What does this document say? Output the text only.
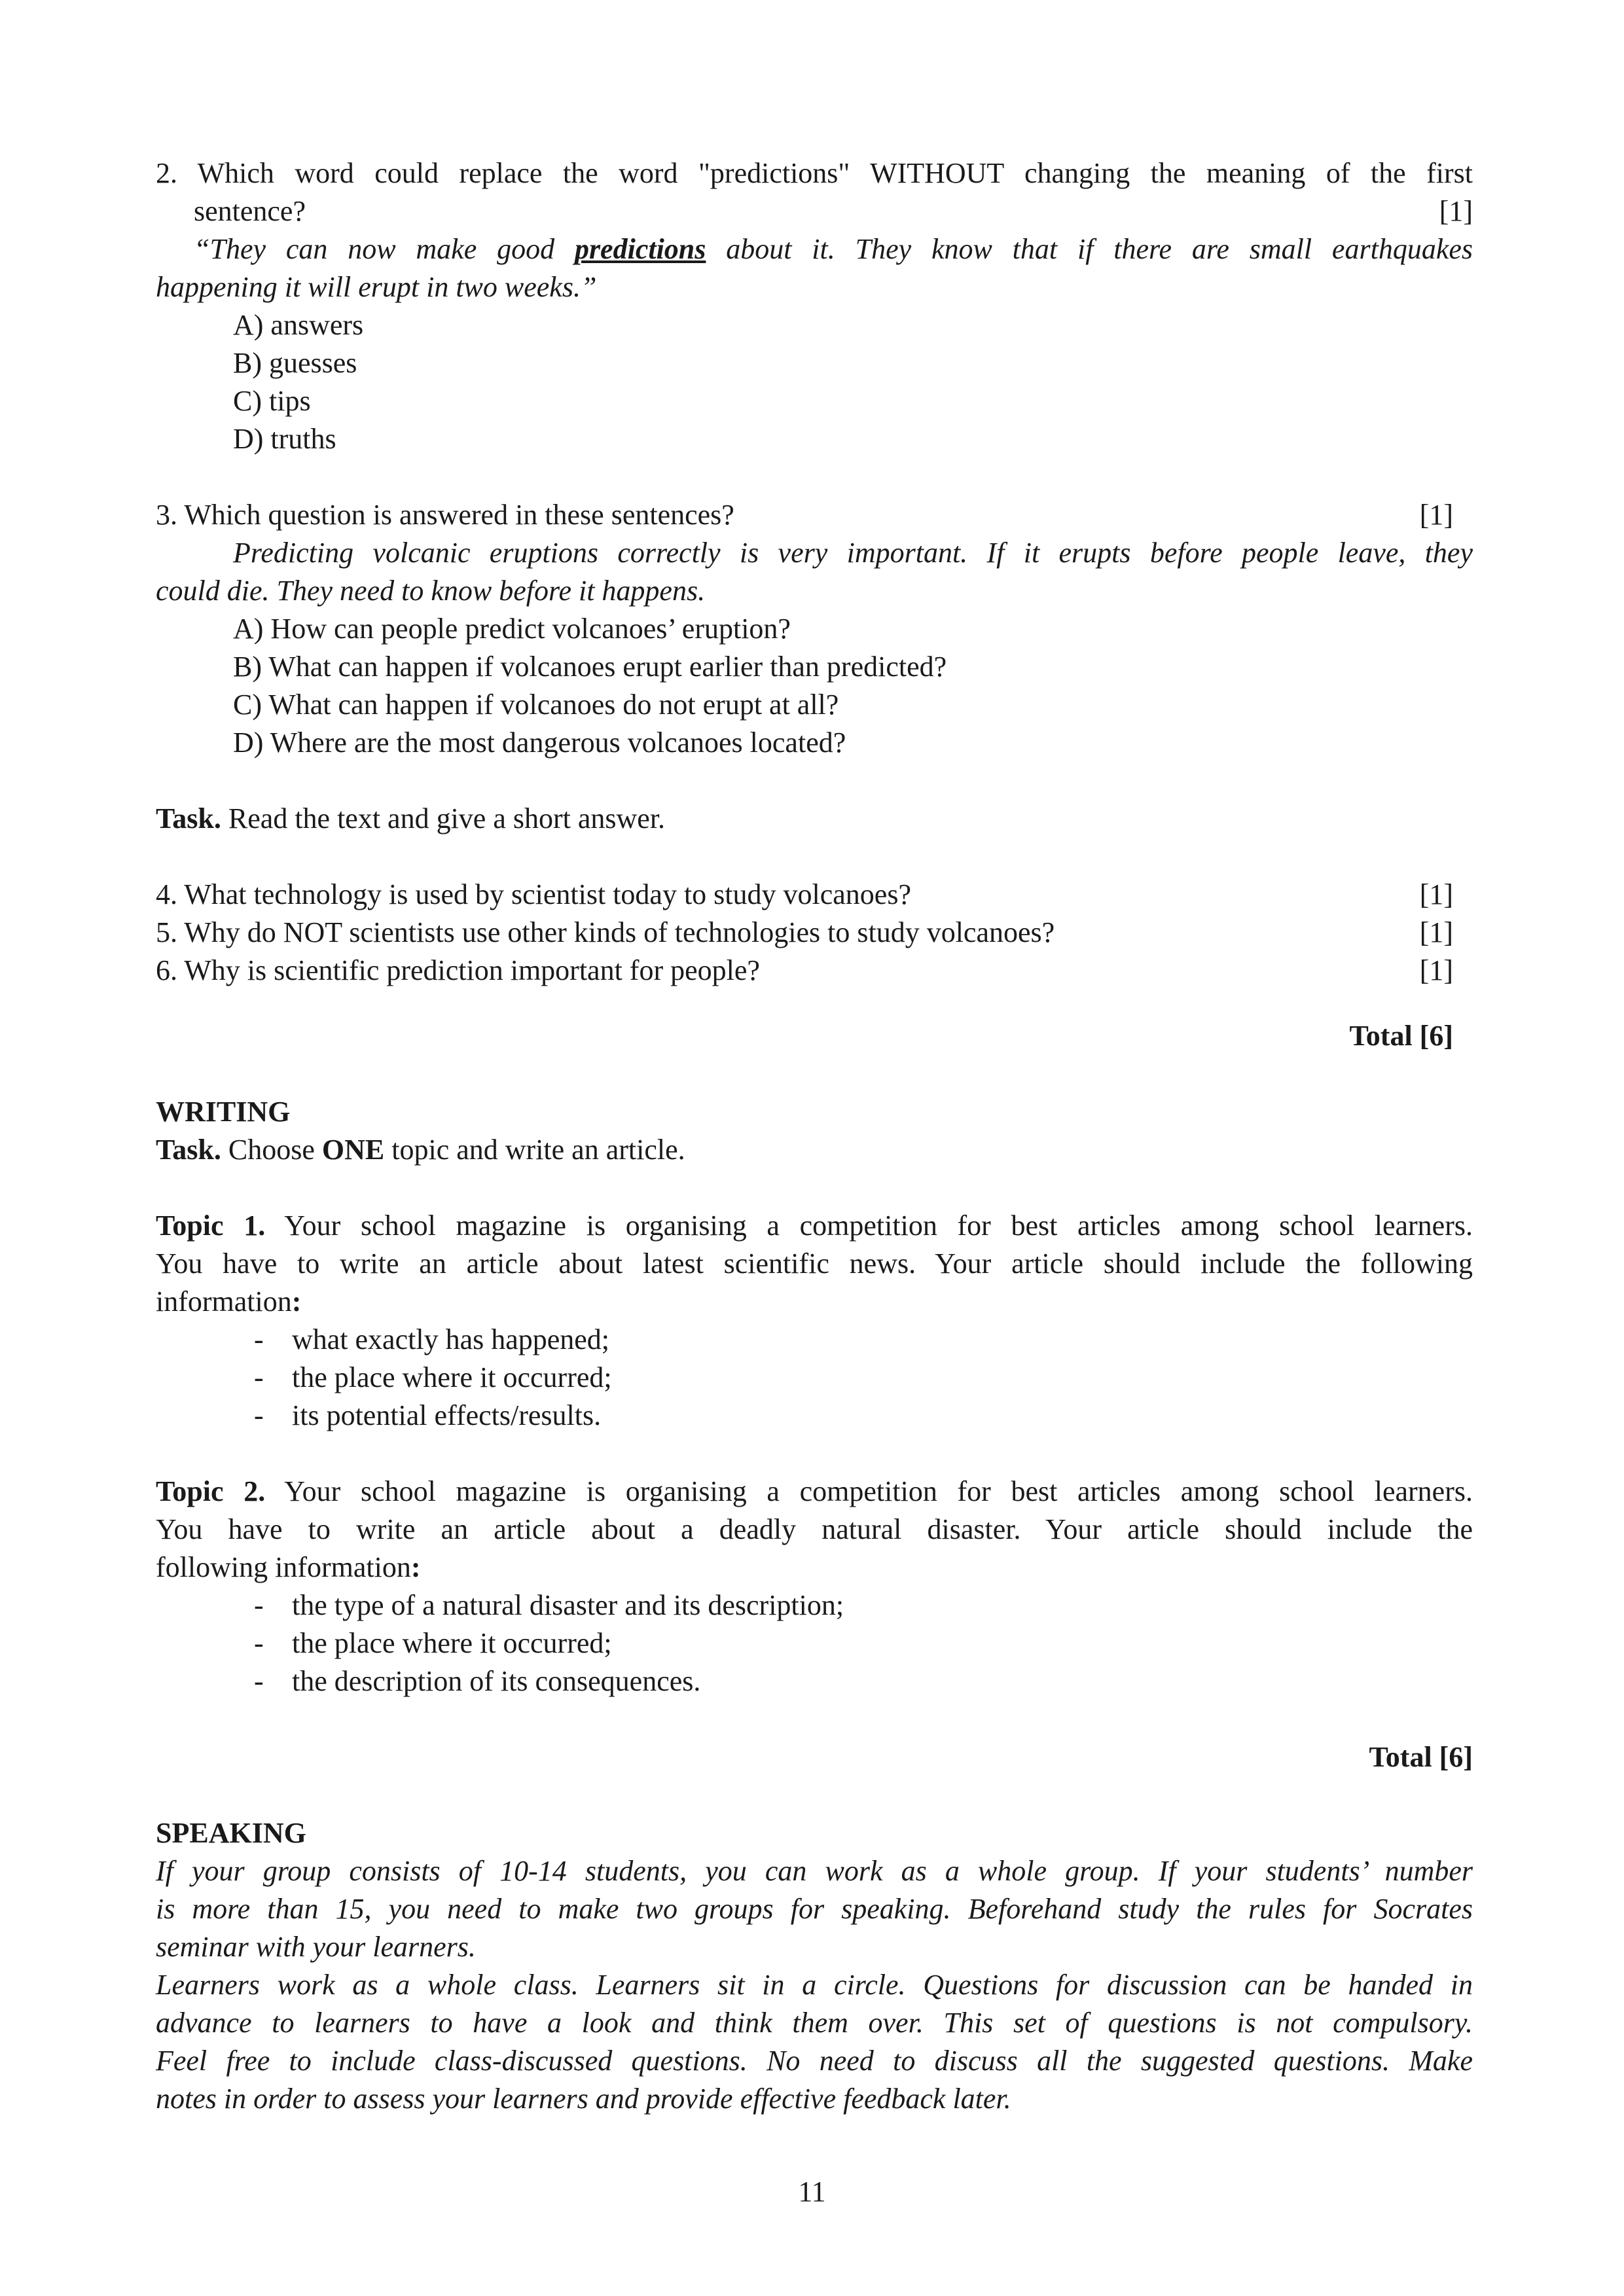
2. Which word could replace the word "predictions" WITHOUT changing the meaning of the first
sentence?	[1]
“They can now make good predictions about it. They know that if there are small earthquakes
happening it will erupt in two weeks.”
A) answers
B) guesses
C) tips
D) truths
3. Which question is answered in these sentences?	[1]
Predicting volcanic eruptions correctly is very important. If it erupts before people leave, they
could die. They need to know before it happens.
A) How can people predict volcanoes’ eruption?
B) What can happen if volcanoes erupt earlier than predicted?
C) What can happen if volcanoes do not erupt at all?
D) Where are the most dangerous volcanoes located?
Task. Read the text and give a short answer.
4. What technology is used by scientist today to study volcanoes?	[1]
5. Why do NOT scientists use other kinds of technologies to study volcanoes?	[1]
6. Why is scientific prediction important for people?	[1]
Total [6]
WRITING
Task. Choose ONE topic and write an article.
Topic 1. Your school magazine is organising a competition for best articles among school learners.
You have to write an article about latest scientific news. Your article should include the following
information:
- what exactly has happened;
- the place where it occurred;
- its potential effects/results.
Topic 2. Your school magazine is organising a competition for best articles among school learners.
You have to write an article about a deadly natural disaster. Your article should include the
following information:
- the type of a natural disaster and its description;
- the place where it occurred;
- the description of its consequences.
Total [6]
SPEAKING
If your group consists of 10-14 students, you can work as a whole group. If your students’ number
is more than 15, you need to make two groups for speaking. Beforehand study the rules for Socrates
seminar with your learners.
Learners work as a whole class. Learners sit in a circle. Questions for discussion can be handed in
advance to learners to have a look and think them over. This set of questions is not compulsory.
Feel free to include class-discussed questions. No need to discuss all the suggested questions. Make
notes in order to assess your learners and provide effective feedback later.
11
